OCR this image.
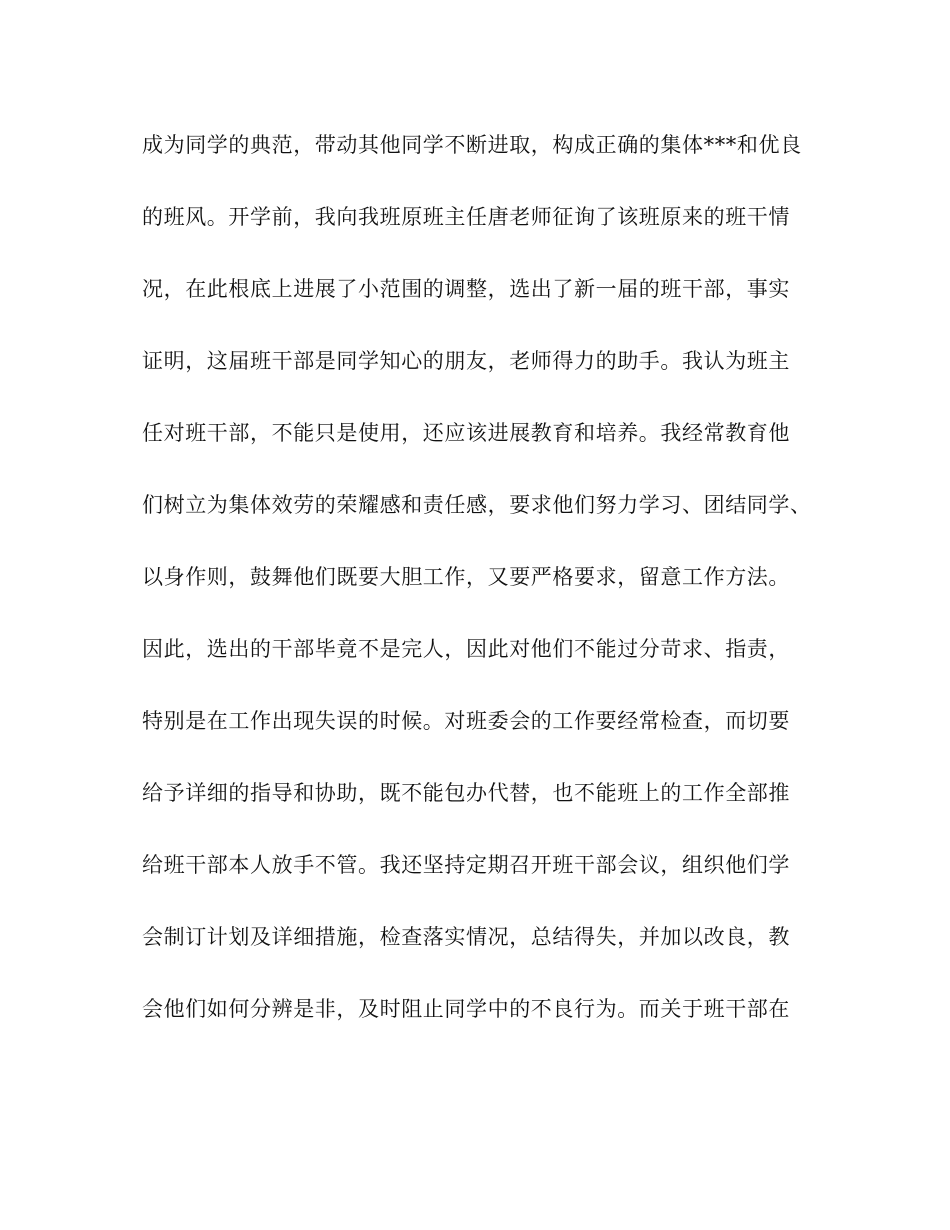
成为同学的典范，带动其他同学不断进取，构成正确的集体***和优良

的班风。开学前，我向我班原班主任唐老师征询了该班原来的班干情

况，在此根底上进展了小范围的调整，选出了新一届的班干部，事实

证明，这届班干部是同学知心的朋友，老师得力的助手。我认为班主

任对班干部，不能只是使用，还应该进展教育和培养。我经常教育他

们树立为集体效劳的荣耀感和责任感，要求他们努力学习、团结同学、

以身作则，鼓舞他们既要大胆工作，又要严格要求，留意工作方法。

因此，选出的干部毕竟不是完人，因此对他们不能过分苛求、指责，

特别是在工作出现失误的时候。对班委会的工作要经常检查，而切要

给予详细的指导和协助，既不能包办代替，也不能班上的工作全部推

给班干部本人放手不管。我还坚持定期召开班干部会议，组织他们学

会制订计划及详细措施，检查落实情况，总结得失，并加以改良，教

会他们如何分辨是非，及时阻止同学中的不良行为。而关于班干部在
